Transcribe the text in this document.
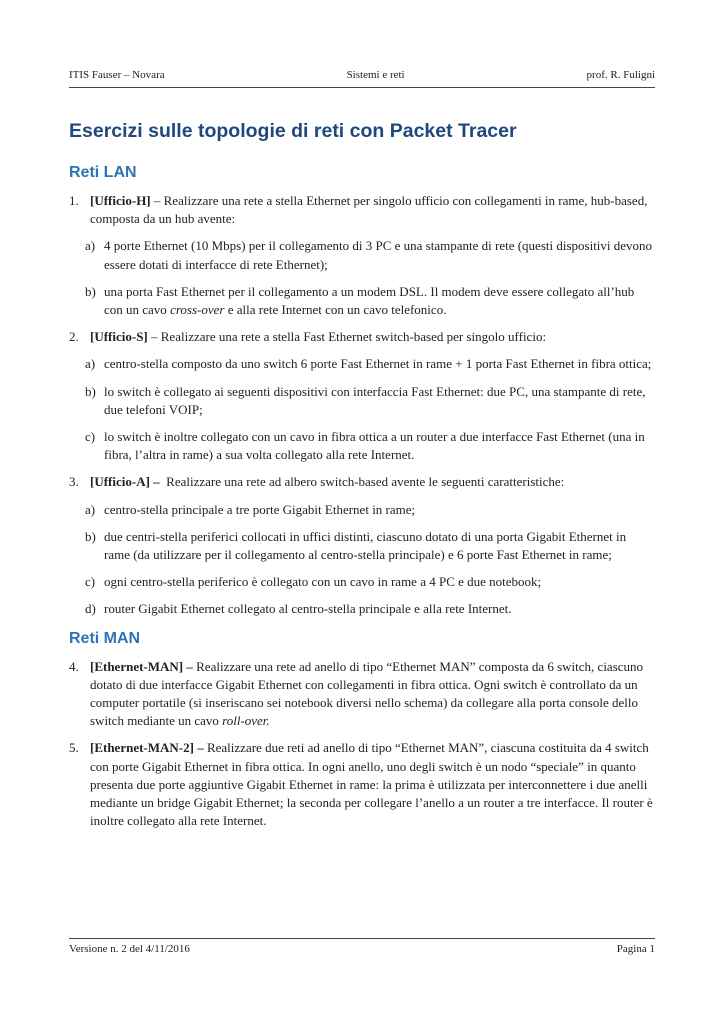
ITIS Fauser – Novara	Sistemi e reti	prof. R. Fuligni
Esercizi sulle topologie di reti con Packet Tracer
Reti LAN
1. [Ufficio-H] – Realizzare una rete a stella Ethernet per singolo ufficio con collegamenti in rame, hub-based, composta da un hub avente:
a) 4 porte Ethernet (10 Mbps) per il collegamento di 3 PC e una stampante di rete (questi dispositivi devono essere dotati di interfacce di rete Ethernet);
b) una porta Fast Ethernet per il collegamento a un modem DSL. Il modem deve essere collegato all’hub con un cavo cross-over e alla rete Internet con un cavo telefonico.
2. [Ufficio-S] – Realizzare una rete a stella Fast Ethernet switch-based per singolo ufficio:
a) centro-stella composto da uno switch 6 porte Fast Ethernet in rame + 1 porta Fast Ethernet in fibra ottica;
b) lo switch è collegato ai seguenti dispositivi con interfaccia Fast Ethernet: due PC, una stampante di rete, due telefoni VOIP;
c) lo switch è inoltre collegato con un cavo in fibra ottica a un router a due interfacce Fast Ethernet (una in fibra, l’altra in rame) a sua volta collegato alla rete Internet.
3. [Ufficio-A] – Realizzare una rete ad albero switch-based avente le seguenti caratteristiche:
a) centro-stella principale a tre porte Gigabit Ethernet in rame;
b) due centri-stella periferici collocati in uffici distinti, ciascuno dotato di una porta Gigabit Ethernet in rame (da utilizzare per il collegamento al centro-stella principale) e 6 porte Fast Ethernet in rame;
c) ogni centro-stella periferico è collegato con un cavo in rame a 4 PC e due notebook;
d) router Gigabit Ethernet collegato al centro-stella principale e alla rete Internet.
Reti MAN
4. [Ethernet-MAN] – Realizzare una rete ad anello di tipo “Ethernet MAN” composta da 6 switch, ciascuno dotato di due interfacce Gigabit Ethernet con collegamenti in fibra ottica. Ogni switch è controllato da un computer portatile (si inseriscano sei notebook diversi nello schema) da collegare alla porta console dello switch mediante un cavo roll-over.
5. [Ethernet-MAN-2] – Realizzare due reti ad anello di tipo “Ethernet MAN”, ciascuna costituita da 4 switch con porte Gigabit Ethernet in fibra ottica. In ogni anello, uno degli switch è un nodo “speciale” in quanto presenta due porte aggiuntive Gigabit Ethernet in rame: la prima è utilizzata per interconnettere i due anelli mediante un bridge Gigabit Ethernet; la seconda per collegare l’anello a un router a tre interfacce. Il router è inoltre collegato alla rete Internet.
Versione n. 2 del 4/11/2016	Pagina 1
